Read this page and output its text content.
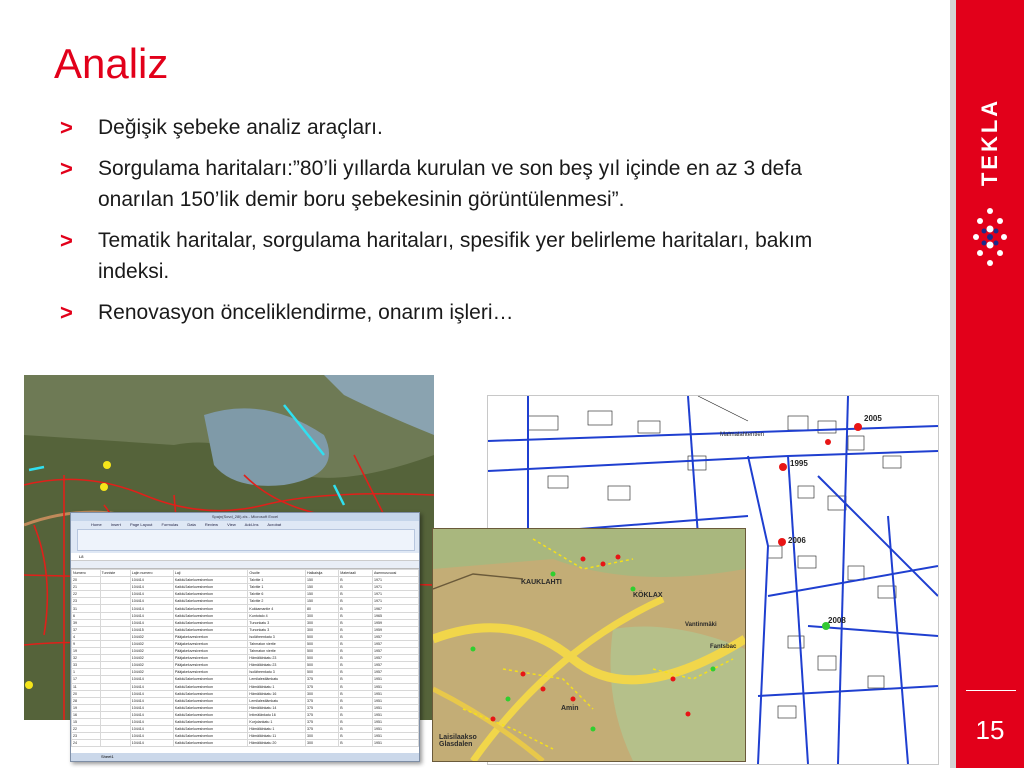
Analiz
> Değişik şebeke analiz araçları.
> Sorgulama haritaları:”80’li yıllarda kurulan ve son beş yıl içinde en az 3 defa onarılan 150’lik demir boru şebekesinin görüntülenmesi”.
> Tematik haritalar, sorgulama haritaları, spesifik yer belirleme haritaları, bakım indeksi.
> Renovasyon önceliklendirme, onarım işleri…
2005
1995
2006
2008
Malmalahtentien
KAUKLAHTI
KÖKLAX
Vantinmäki
Fantsbac
Laisilaakso Glasdalen
Amin
Spajn(Sovd_28l).xls - Microsoft Excel
Home Insert Page Layout Formulas Data Review View Add-Ins Acrobat
L8
Numero	Tunniste	Lajin numero	Laji	Osoite	Halkaisija	Materiaali	Asennusvuosi
20		104414	Kaikki/Jakeluvesiverkon	Talvitie 1	150	B	1971
21		104414	Kaikki/Jakeluvesiverkon	Talvitie 1	150	B	1971
22		104414	Kaikki/Jakeluvesiverkon	Talvitie 6	150	B	1971
23		104414	Kaikki/Jakeluvesiverkon	Talvitie 2	150	B	1971
31		104414	Kaikki/Jakeluvesiverkon	Kukkamantie 4	80	B	1967
6		104414	Kaikki/Jakeluvesiverkon	Kuntotalo 4	300	B	1965
39		104414	Kaikki/Jakeluvesiverkon	Tunonkatu 3	300	B	1959
37		104415	Kaikki/Jakeluvesiverkon	Tunonkatu 3	300	B	1959
4		104402	Pääjakeluvesiverkon	Isoläheenkatu 3	500	B	1957
9		104402	Pääjakeluvesiverkon	Tahmaton viertie	500	B	1957
19		104402	Pääjakeluvesiverkon	Tahmaton viertie	500	B	1957
32		104402	Pääjakeluvesiverkon	Hämäläinkatu 23	500	B	1957
33		104402	Pääjakeluvesiverkon	Hämäläinkatu 23	500	B	1957
1		104402	Pääjakeluvesiverkon	Isoläheenkatu 3	500	B	1957
17		104414	Kaikki/Jakeluvesiverkon	Lemilalestlämkatu	375	B	1951
11		104414	Kaikki/Jakeluvesiverkon	Hämäläinkatu 1	375	B	1951
20		104414	Kaikki/Jakeluvesiverkon	Hämäläinkatu 16	300	B	1951
28		104414	Kaikki/Jakeluvesiverkon	Lemilalestlämkatu	375	B	1951
19		104414	Kaikki/Jakeluvesiverkon	Hämäläinkatu 14	375	B	1951
16		104414	Kaikki/Jakeluvesiverkon	Intimälänkatu 16	375	B	1951
15		104414	Kaikki/Jakeluvesiverkon	Korjolankatu 1	375	B	1951
22		104414	Kaikki/Jakeluvesiverkon	Hämäläinkatu 1	375	B	1951
23		104414	Kaikki/Jakeluvesiverkon	Hämäläinkatu 11	300	B	1951
24		104414	Kaikki/Jakeluvesiverkon	Hämäläinkatu 20	300	B	1951
Sheet1
TEKLA
15
